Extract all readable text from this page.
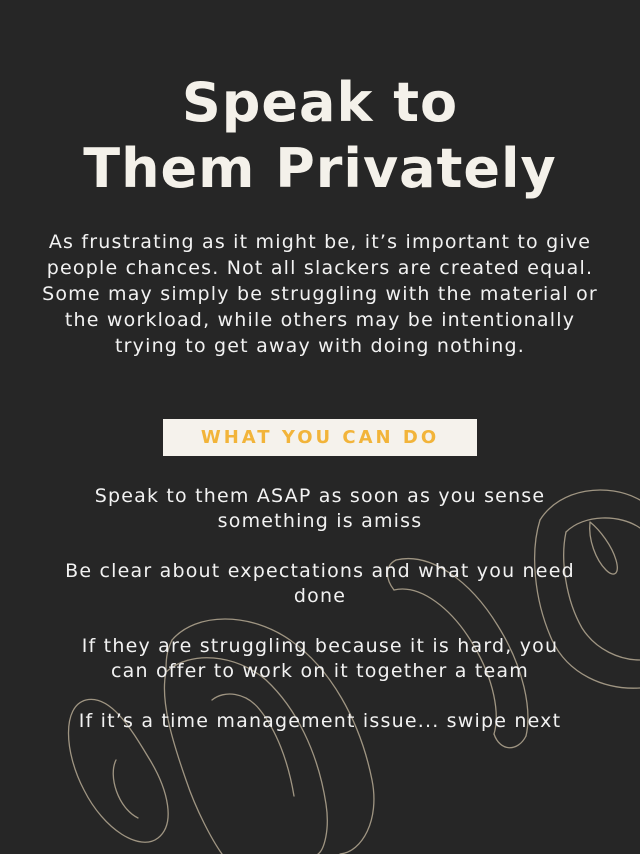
Speak to
Them Privately

As frustrating as it might be, it’s important to give people chances. Not all slackers are created equal. Some may simply be struggling with the material or the workload, while others may be intentionally trying to get away with doing nothing.

WHAT YOU CAN DO
Speak to them ASAP as soon as you sense something is amiss
Be clear about expectations and what you need done
If they are struggling because it is hard, you can offer to work on it together a team
If it’s a time management issue... swipe next
